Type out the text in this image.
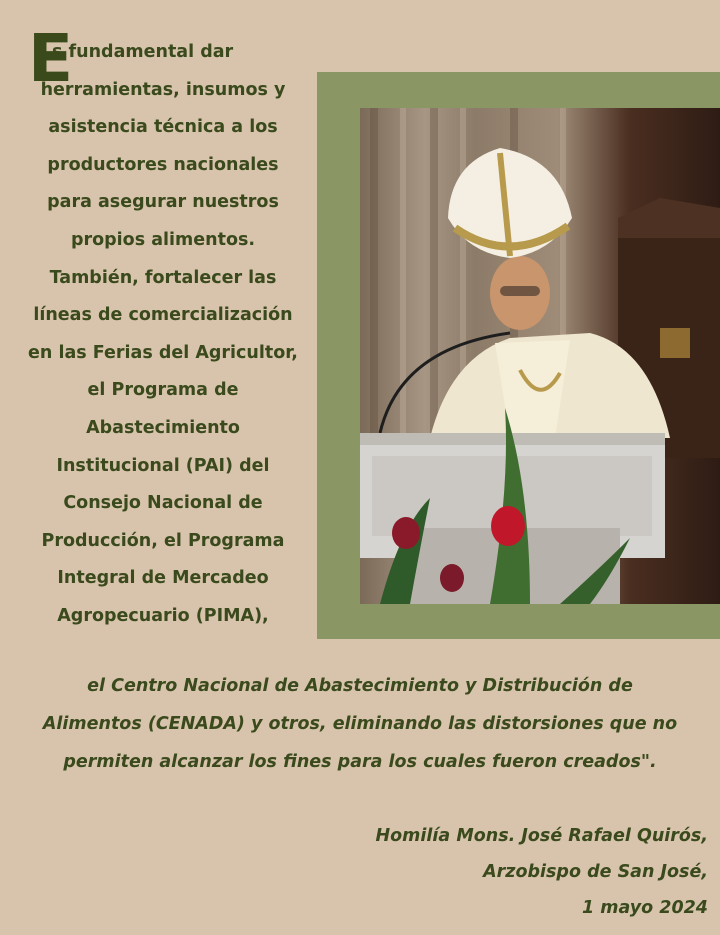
E

s fundamental dar
herramientas, insumos y
asistencia técnica a los
productores nacionales
para asegurar nuestros
propios alimentos.
También, fortalecer las
líneas de comercialización
en las Ferias del Agricultor,
el Programa de
Abastecimiento
Institucional (PAI) del
Consejo Nacional de
Producción, el Programa
Integral de Mercadeo
Agropecuario (PIMA),

el Centro Nacional de Abastecimiento y Distribución de
Alimentos (CENADA) y otros, eliminando las distorsiones que no
permiten alcanzar los fines para los cuales fueron creados".

Homilía Mons. José Rafael Quirós,
Arzobispo de San José,
1 mayo 2024
